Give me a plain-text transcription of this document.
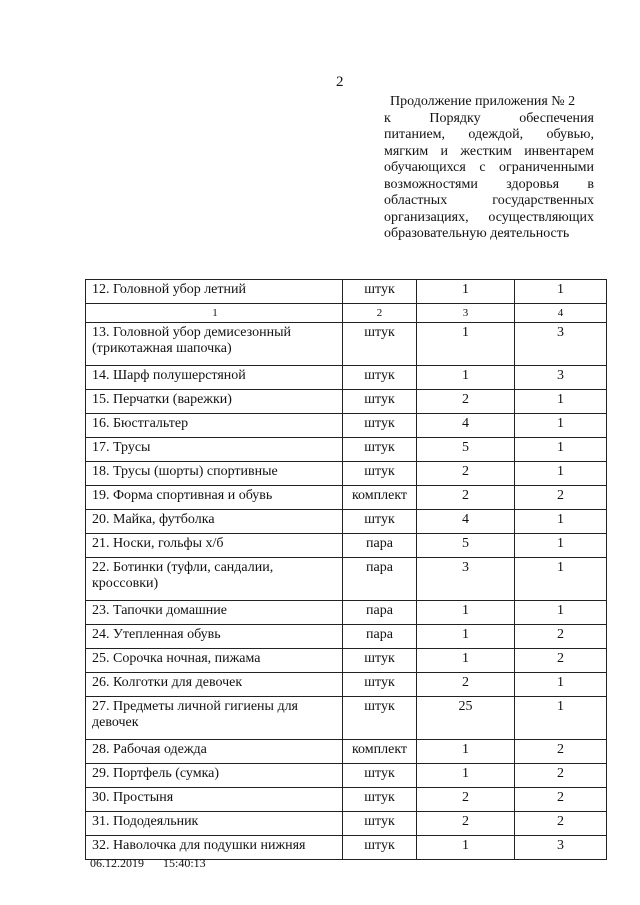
2
Продолжение приложения № 2
к Порядку обеспечения
питанием, одеждой, обувью,
мягким и жестким инвентарем
обучающихся с ограниченными
возможностями здоровья в
областных государственных
организациях, осуществляющих
образовательную деятельность
12. Головной убор летний	штук	1	1
1	2	3	4
13. Головной убор демисезонный (трикотажная шапочка)	штук	1	3
14. Шарф полушерстяной	штук	1	3
15. Перчатки (варежки)	штук	2	1
16. Бюстгальтер	штук	4	1
17. Трусы	штук	5	1
18. Трусы (шорты) спортивные	штук	2	1
19. Форма спортивная и обувь	комплект	2	2
20. Майка, футболка	штук	4	1
21. Носки, гольфы х/б	пара	5	1
22. Ботинки (туфли, сандалии, кроссовки)	пара	3	1
23. Тапочки домашние	пара	1	1
24. Утепленная обувь	пара	1	2
25. Сорочка ночная, пижама	штук	1	2
26. Колготки для девочек	штук	2	1
27. Предметы личной гигиены для девочек	штук	25	1
28. Рабочая одежда	комплект	1	2
29. Портфель (сумка)	штук	1	2
30. Простыня	штук	2	2
31. Пододеяльник	штук	2	2
32. Наволочка для подушки нижняя	штук	1	3
06.12.2019 15:40:13
